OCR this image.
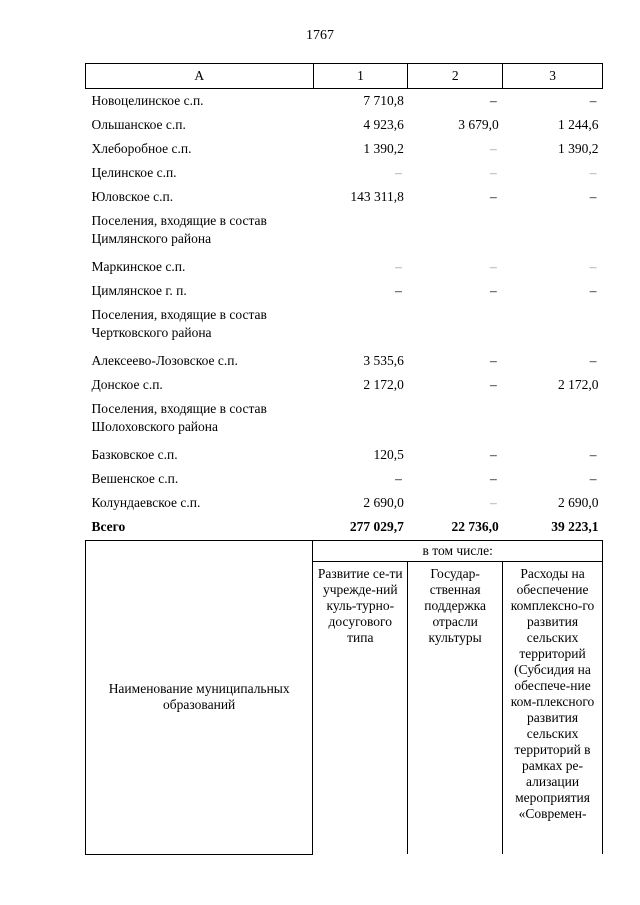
1767
А	1	2	3
Новоцелинское с.п.	7 710,8	–	–
Ольшанское с.п.	4 923,6	3 679,0	1 244,6
Хлеборобное с.п.	1 390,2	–	1 390,2
Целинское с.п.	–	–	–
Юловское с.п.	143 311,8	–	–
Поселения, входящие в состав Цимлянского района			
Маркинское с.п.	–	–	–
Цимлянское г. п.	–	–	–
Поселения, входящие в состав Чертковского района			
Алексеево-Лозовское с.п.	3 535,6	–	–
Донское с.п.	2 172,0	–	2 172,0
Поселения, входящие в состав Шолоховского района			
Базковское с.п.	120,5	–	–
Вешенское с.п.	–	–	–
Колундаевское с.п.	2 690,0	–	2 690,0
Всего	277 029,7	22 736,0	39 223,1
Наименование муниципальных образований	в том числе:		

	Развитие се-ти учрежде-ний куль-турно-досугового типа	Государ-ственная поддержка отрасли культуры	Расходы на обеспечение комплексно-го развития сельских территорий (Субсидия на обеспече-ние ком-плексного развития сельских территорий в рамках ре-ализации мероприятия «Современ-
